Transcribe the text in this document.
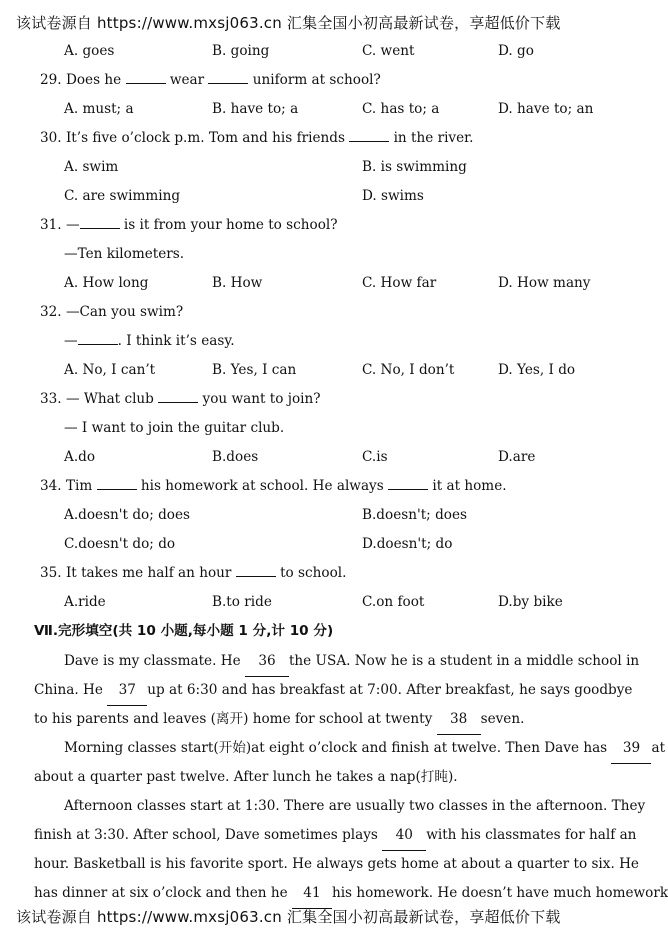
该试卷源自 https://www.mxsj063.cn 汇集全国小初高最新试卷，享超低价下载
A. goes	B. going	C. went	D. go
29. Does he	wear	uniform at school?
A. must; a	B. have to; a	C. has to; a	D. have to; an
30. It’s five o’clock p.m. Tom and his friends	in the river.
A. swim	B. is swimming
C. are swimming	D. swims
31. —	is it from your home to school?
—Ten kilometers.
A. How long	B. How	C. How far	D. How many
32. —Can you swim?
—	. I think it’s easy.
A. No, I can’t	B. Yes, I can	C. No, I don’t	D. Yes, I do
33. — What club	you want to join?
— I want to join the guitar club.
A.do	B.does	C.is	D.are
34. Tim	his homework at school. He always	it at home.
A.doesn't do; does	B.doesn't; does
C.doesn't do; do	D.doesn't; do
35. It takes me half an hour	to school.
A.ride	B.to ride	C.on foot	D.by bike
Ⅶ.完形填空(共 10 小题,每小题 1 分,计 10 分)
Dave is my classmate. He 36 the USA. Now he is a student in a middle school in
China. He 37 up at 6:30 and has breakfast at 7:00. After breakfast, he says goodbye
to his parents and leaves (离开) home for school at twenty 38 seven.
Morning classes start(开始)at eight o’clock and finish at twelve. Then Dave has 39 at
about a quarter past twelve. After lunch he takes a nap(打盹).
Afternoon classes start at 1:30. There are usually two classes in the afternoon. They
finish at 3:30. After school, Dave sometimes plays 40 with his classmates for half an
hour. Basketball is his favorite sport. He always gets home at about a quarter to six. He
has dinner at six o’clock and then he 41 his homework. He doesn’t have much homework
该试卷源自 https://www.mxsj063.cn 汇集全国小初高最新试卷，享超低价下载
